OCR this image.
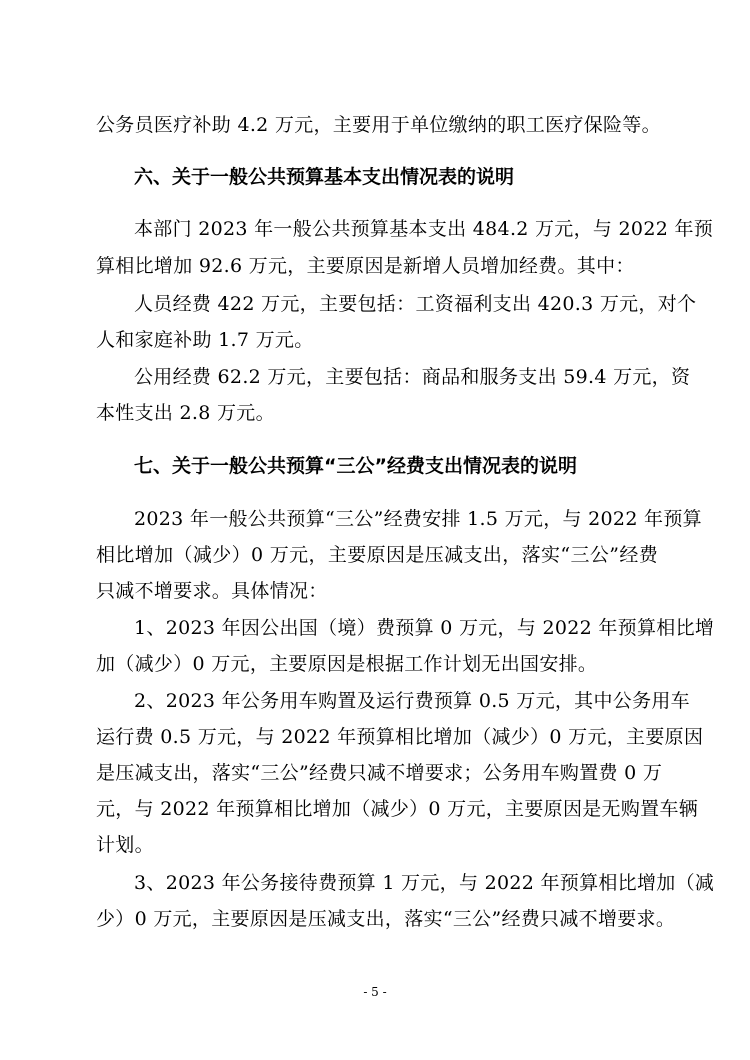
公务员医疗补助 4.2 万元，主要用于单位缴纳的职工医疗保险等。
六、关于一般公共预算基本支出情况表的说明
本部门 2023 年一般公共预算基本支出 484.2 万元，与 2022 年预
算相比增加 92.6 万元，主要原因是新增人员增加经费。其中：
人员经费 422 万元，主要包括：工资福利支出 420.3 万元，对个
人和家庭补助 1.7 万元。
公用经费 62.2 万元，主要包括：商品和服务支出 59.4 万元，资
本性支出 2.8 万元。
七、关于一般公共预算“三公”经费支出情况表的说明
2023 年一般公共预算“三公”经费安排 1.5 万元，与 2022 年预算
相比增加（减少）0 万元，主要原因是压减支出，落实“三公”经费
只减不增要求。具体情况：
1、2023 年因公出国（境）费预算 0 万元，与 2022 年预算相比增
加（减少）0 万元，主要原因是根据工作计划无出国安排。
2、2023 年公务用车购置及运行费预算 0.5 万元，其中公务用车
运行费 0.5 万元，与 2022 年预算相比增加（减少）0 万元，主要原因
是压减支出，落实“三公”经费只减不增要求；公务用车购置费 0 万
元，与 2022 年预算相比增加（减少）0 万元，主要原因是无购置车辆
计划。
3、2023 年公务接待费预算 1 万元，与 2022 年预算相比增加（减
少）0 万元，主要原因是压减支出，落实“三公”经费只减不增要求。
- 5 -
